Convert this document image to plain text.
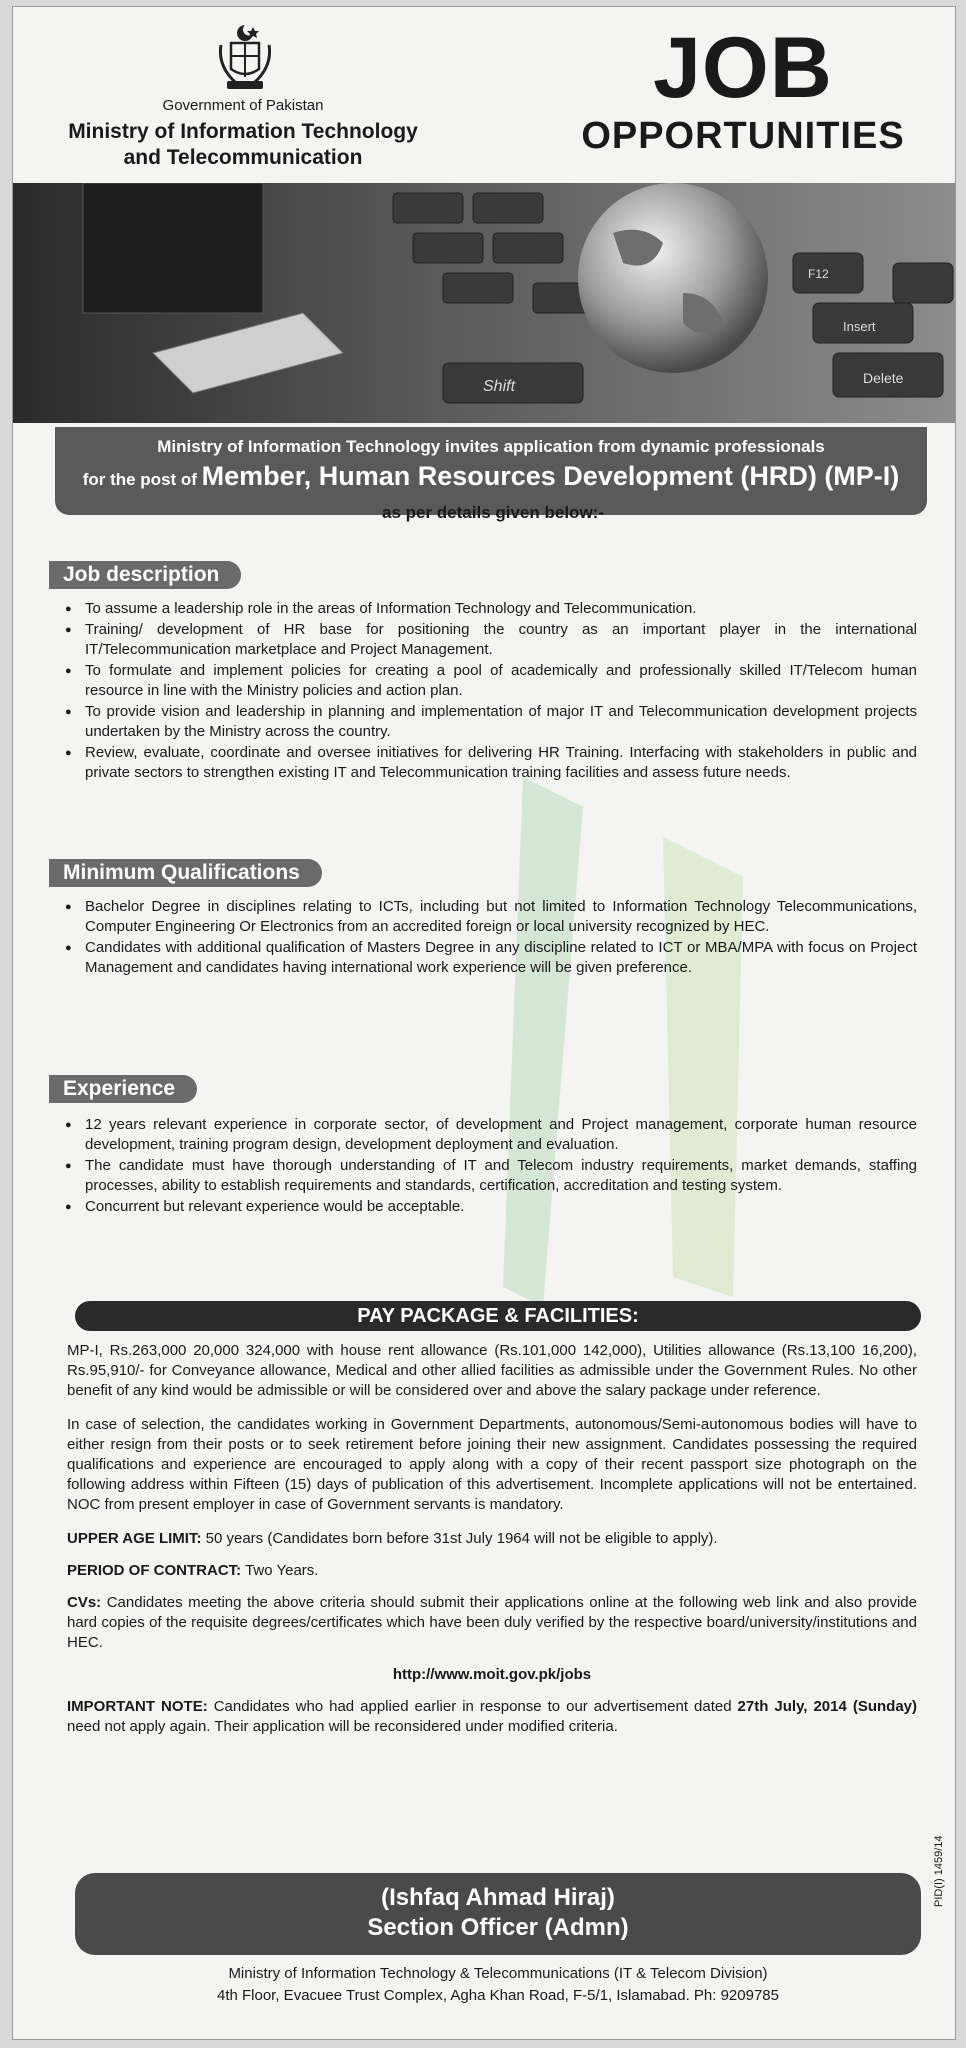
Government of Pakistan
Ministry of Information Technology
and Telecommunication
JOB
OPPORTUNITIES
Shift
Insert
Delete
F12
Ministry of Information Technology invites application from dynamic professionals
for the post of Member, Human Resources Development (HRD) (MP-I)
as per details given below:-
Job description
● To assume a leadership role in the areas of Information Technology and Telecommunication.
● Training/ development of HR base for positioning the country as an important player in the international IT/Telecommunication marketplace and Project Management.
● To formulate and implement policies for creating a pool of academically and professionally skilled IT/Telecom human resource in line with the Ministry policies and action plan.
● To provide vision and leadership in planning and implementation of major IT and Telecommunication development projects undertaken by the Ministry across the country.
● Review, evaluate, coordinate and oversee initiatives for delivering HR Training. Interfacing with stakeholders in public and private sectors to strengthen existing IT and Telecommunication training facilities and assess future needs.
Minimum Qualifications
● Bachelor Degree in disciplines relating to ICTs, including but not limited to Information Technology Telecommunications, Computer Engineering Or Electronics from an accredited foreign or local university recognized by HEC.
● Candidates with additional qualification of Masters Degree in any discipline related to ICT or MBA/MPA with focus on Project Management and candidates having international work experience will be given preference.
Experience
● 12 years relevant experience in corporate sector, of development and Project management, corporate human resource development, training program design, development deployment and evaluation.
● The candidate must have thorough understanding of IT and Telecom industry requirements, market demands, staffing processes, ability to establish requirements and standards, certification, accreditation and testing system.
● Concurrent but relevant experience would be acceptable.
PAY PACKAGE & FACILITIES:

MP-I, Rs.263,000 20,000 324,000 with house rent allowance (Rs.101,000 142,000), Utilities allowance (Rs.13,100 16,200), Rs.95,910/- for Conveyance allowance, Medical and other allied facilities as admissible under the Government Rules. No other benefit of any kind would be admissible or will be considered over and above the salary package under reference.

In case of selection, the candidates working in Government Departments, autonomous/Semi-autonomous bodies will have to either resign from their posts or to seek retirement before joining their new assignment. Candidates possessing the required qualifications and experience are encouraged to apply along with a copy of their recent passport size photograph on the following address within Fifteen (15) days of publication of this advertisement. Incomplete applications will not be entertained. NOC from present employer in case of Government servants is mandatory.

UPPER AGE LIMIT: 50 years (Candidates born before 31st July 1964 will not be eligible to apply).

PERIOD OF CONTRACT: Two Years.

CVs: Candidates meeting the above criteria should submit their applications online at the following web link and also provide hard copies of the requisite degrees/certificates which have been duly verified by the respective board/university/institutions and HEC.

http://www.moit.gov.pk/jobs

IMPORTANT NOTE: Candidates who had applied earlier in response to our advertisement dated 27th July, 2014 (Sunday) need not apply again. Their application will be reconsidered under modified criteria.

(Ishfaq Ahmad Hiraj)
Section Officer (Admn)
Ministry of Information Technology & Telecommunications (IT & Telecom Division)
4th Floor, Evacuee Trust Complex, Agha Khan Road, F-5/1, Islamabad. Ph: 9209785
PID(I) 1459/14
